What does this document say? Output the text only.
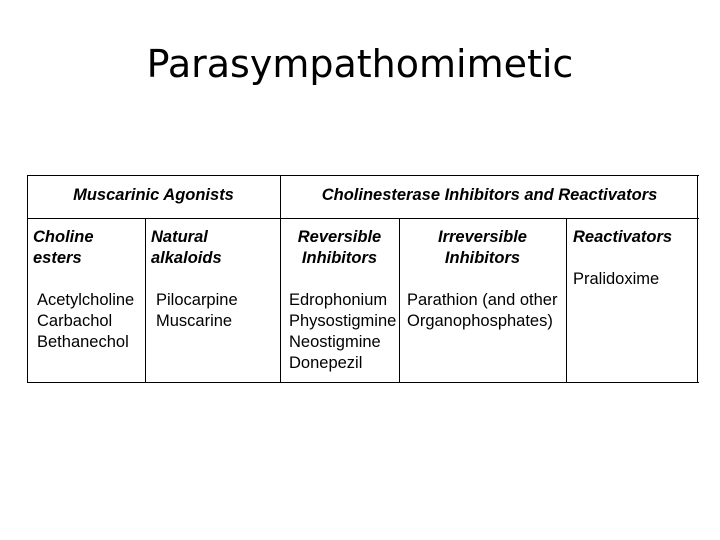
Parasympathomimetic
Muscarinic Agonists	Cholinesterase Inhibitors and Reactivators
Choline
esters
Natural
alkaloids
Reversible
Inhibitors
Irreversible
Inhibitors
Reactivators
Acetylcholine
Carbachol
Bethanechol
Pilocarpine
Muscarine
Edrophonium
Physostigmine
Neostigmine
Donepezil
Parathion (and other
Organophosphates)
Pralidoxime
